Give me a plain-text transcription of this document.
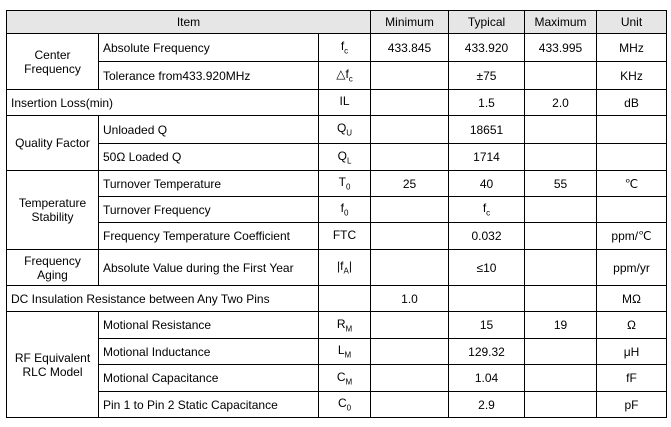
Item			Minimum	Typical	Maximum	Unit
Center Frequency	Absolute Frequency	$f_c$	433.845	433.920	433.995	MHz
	Tolerance from433.920MHz	$\triangle f_c$		±75		KHz
Insertion Loss(min)		IL		1.5	2.0	dB
Quality Factor	Unloaded Q	$Q_U$		18651		
	50Ω Loaded Q	$Q_L$		1714		
Temperature Stability	Turnover Temperature	$T_0$	25	40	55	℃
	Turnover Frequency	$f_0$		$f_c$		
	Frequency Temperature Coefficient	FTC		0.032		ppm/℃
Frequency Aging	Absolute Value during the First Year	$|f_A|$		≤10		ppm/yr
DC Insulation Resistance between Any Two Pins			1.0			MΩ
RF Equivalent RLC Model	Motional Resistance	$R_M$		15	19	Ω
	Motional Inductance	$L_M$		129.32		μH
	Motional Capacitance	$C_M$		1.04		fF
	Pin 1 to Pin 2 Static Capacitance	$C_0$		2.9		pF
